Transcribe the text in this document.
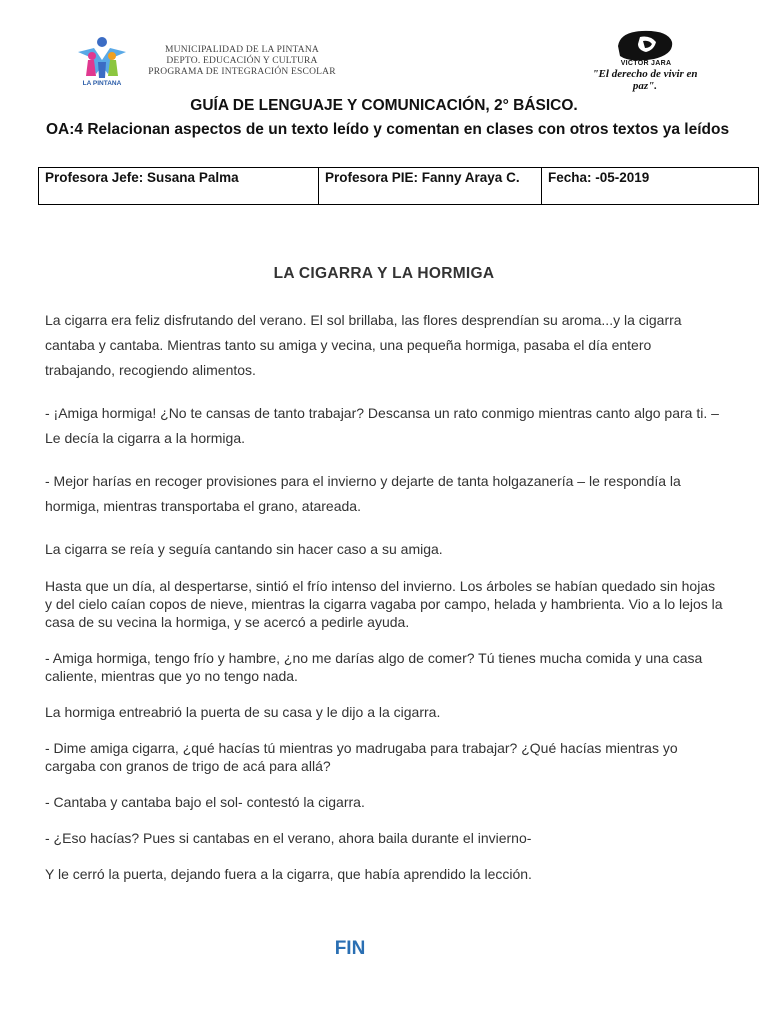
LA PINTANA
MUNICIPALIDAD DE LA PINTANA
DEPTO. EDUCACIÓN Y CULTURA
PROGRAMA DE INTEGRACIÓN ESCOLAR
VICTOR JARA
"El derecho de vivir en paz".
GUÍA DE LENGUAJE Y COMUNICACIÓN, 2° BÁSICO.
OA:4 Relacionan aspectos de un texto leído y comentan en clases con otros textos ya leídos
Profesora Jefe: Susana Palma	Profesora PIE: Fanny Araya C.	Fecha: -05-2019
LA CIGARRA Y LA HORMIGA

La cigarra era feliz disfrutando del verano. El sol brillaba, las flores desprendían su aroma...y la cigarra cantaba y cantaba. Mientras tanto su amiga y vecina, una pequeña hormiga, pasaba el día entero trabajando, recogiendo alimentos.

- ¡Amiga hormiga! ¿No te cansas de tanto trabajar? Descansa un rato conmigo mientras canto algo para ti. – Le decía la cigarra a la hormiga.

- Mejor harías en recoger provisiones para el invierno y dejarte de tanta holgazanería – le respondía la hormiga, mientras transportaba el grano, atareada.

La cigarra se reía y seguía cantando sin hacer caso a su amiga.

Hasta que un día, al despertarse, sintió el frío intenso del invierno. Los árboles se habían quedado sin hojas y del cielo caían copos de nieve, mientras la cigarra vagaba por campo, helada y hambrienta. Vio a lo lejos la casa de su vecina la hormiga, y se acercó a pedirle ayuda.

- Amiga hormiga, tengo frío y hambre, ¿no me darías algo de comer? Tú tienes mucha comida y una casa caliente, mientras que yo no tengo nada.

La hormiga entreabrió la puerta de su casa y le dijo a la cigarra.

- Dime amiga cigarra, ¿qué hacías tú mientras yo madrugaba para trabajar? ¿Qué hacías mientras yo cargaba con granos de trigo de acá para allá?

- Cantaba y cantaba bajo el sol- contestó la cigarra.

- ¿Eso hacías? Pues si cantabas en el verano, ahora baila durante el invierno-

Y le cerró la puerta, dejando fuera a la cigarra, que había aprendido la lección.

FIN
